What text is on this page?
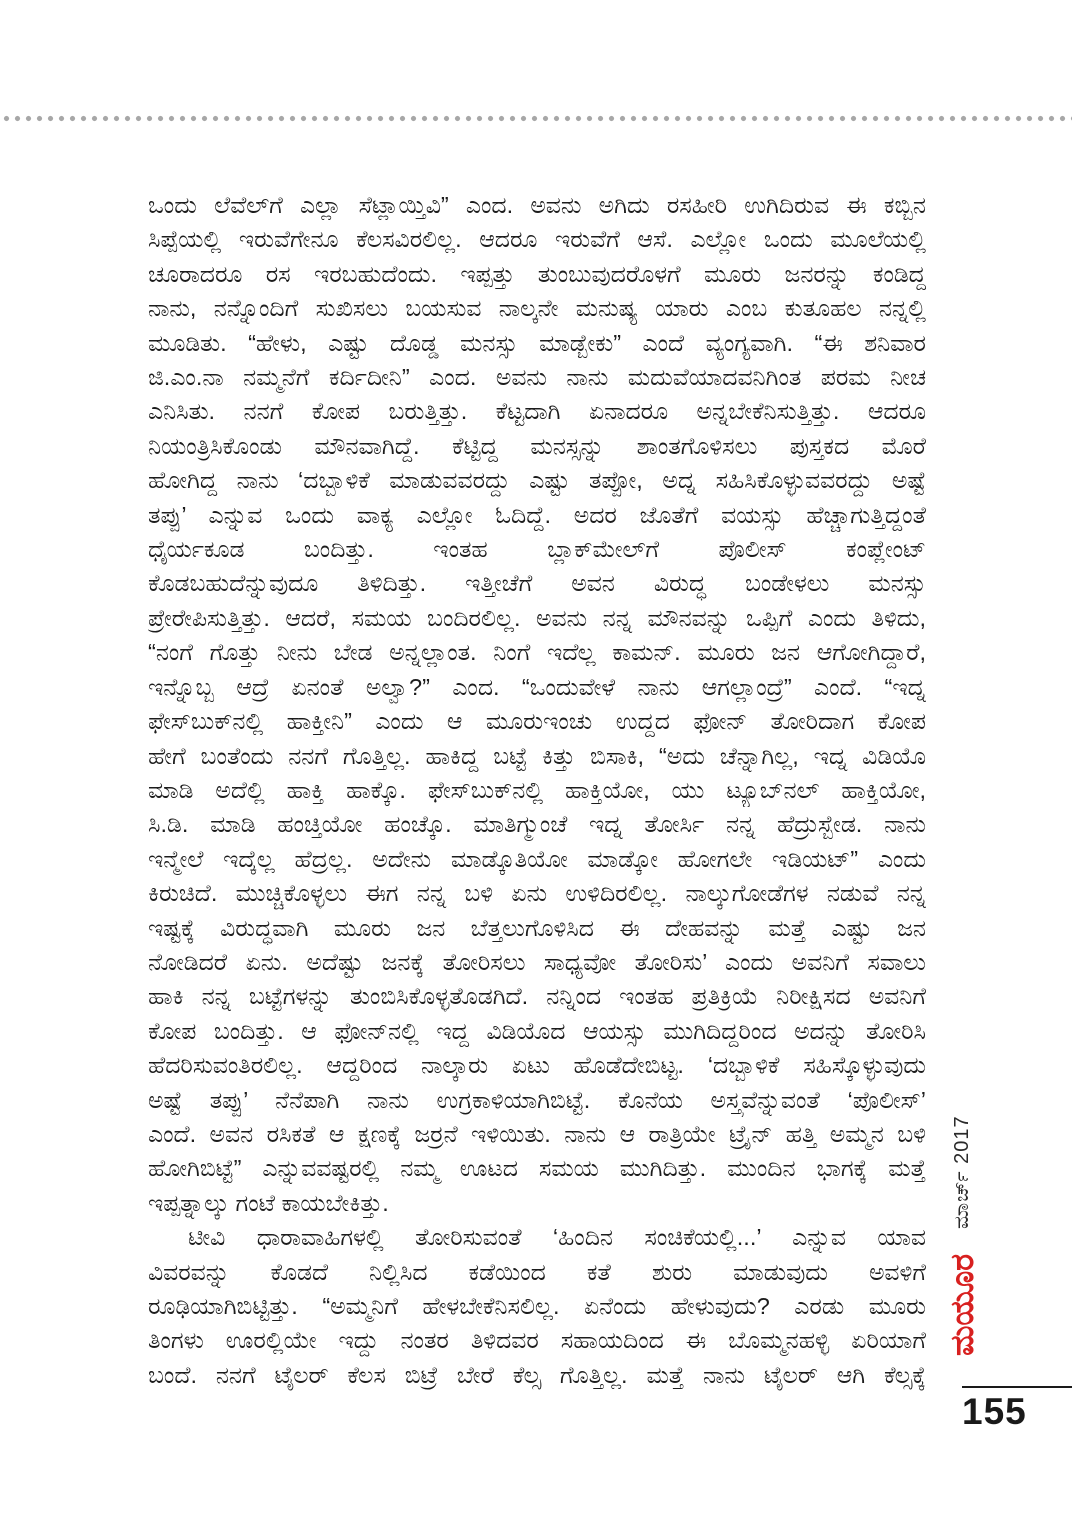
ಒಂದು ಲೆವೆಲ್‌ಗೆ ಎಲ್ಲಾ ಸೆಟ್ಲಾಯ್ತಿವಿ” ಎಂದ. ಅವನು ಅಗಿದು ರಸಹೀರಿ ಉಗಿದಿರುವ ಈ ಕಬ್ಬಿನ
ಸಿಪ್ಪೆಯಲ್ಲಿ ಇರುವೆಗೇನೂ ಕೆಲಸವಿರಲಿಲ್ಲ. ಆದರೂ ಇರುವೆಗೆ ಆಸೆ. ಎಲ್ಲೋ ಒಂದು ಮೂಲೆಯಲ್ಲಿ
ಚೂರಾದರೂ ರಸ ಇರಬಹುದೆಂದು. ಇಪ್ಪತ್ತು ತುಂಬುವುದರೊಳಗೆ ಮೂರು ಜನರನ್ನು ಕಂಡಿದ್ದ
ನಾನು, ನನ್ನೊಂದಿಗೆ ಸುಖಿಸಲು ಬಯಸುವ ನಾಲ್ಕನೇ ಮನುಷ್ಯ ಯಾರು ಎಂಬ ಕುತೂಹಲ ನನ್ನಲ್ಲಿ
ಮೂಡಿತು. “ಹೇಳು, ಎಷ್ಟು ದೊಡ್ಡ ಮನಸ್ಸು ಮಾಡ್ಬೇಕು” ಎಂದೆ ವ್ಯಂಗ್ಯವಾಗಿ. “ಈ ಶನಿವಾರ
ಜಿ.ಎಂ.ನಾ ನಮ್ಮನೆಗೆ ಕರ್ದಿದೀನಿ” ಎಂದ. ಅವನು ನಾನು ಮದುವೆಯಾದವನಿಗಿಂತ ಪರಮ ನೀಚ
ಎನಿಸಿತು. ನನಗೆ ಕೋಪ ಬರುತ್ತಿತ್ತು. ಕೆಟ್ಟದಾಗಿ ಏನಾದರೂ ಅನ್ನಬೇಕೆನಿಸುತ್ತಿತ್ತು. ಆದರೂ
ನಿಯಂತ್ರಿಸಿಕೊಂಡು ಮೌನವಾಗಿದ್ದೆ. ಕೆಟ್ಟಿದ್ದ ಮನಸ್ಸನ್ನು ಶಾಂತಗೊಳಿಸಲು ಪುಸ್ತಕದ ಮೊರೆ
ಹೋಗಿದ್ದ ನಾನು ‘ದಬ್ಬಾಳಿಕೆ ಮಾಡುವವರದ್ದು ಎಷ್ಟು ತಪ್ಪೋ, ಅದ್ನ ಸಹಿಸಿಕೊಳ್ಳುವವರದ್ದು ಅಷ್ಟೆ
ತಪ್ಪು’ ಎನ್ನುವ ಒಂದು ವಾಕ್ಯ ಎಲ್ಲೋ ಓದಿದ್ದೆ. ಅದರ ಜೊತೆಗೆ ವಯಸ್ಸು ಹೆಚ್ಚಾಗುತ್ತಿದ್ದಂತೆ
ಧೈರ್ಯಕೂಡ ಬಂದಿತ್ತು. ಇಂತಹ ಬ್ಲಾಕ್‌ಮೇಲ್‌ಗೆ ಪೊಲೀಸ್ ಕಂಪ್ಲೇಂಟ್
ಕೊಡಬಹುದೆನ್ನುವುದೂ ತಿಳಿದಿತ್ತು. ಇತ್ತೀಚೆಗೆ ಅವನ ವಿರುದ್ಧ ಬಂಡೇಳಲು ಮನಸ್ಸು
ಪ್ರೇರೇಪಿಸುತ್ತಿತ್ತು. ಆದರೆ, ಸಮಯ ಬಂದಿರಲಿಲ್ಲ. ಅವನು ನನ್ನ ಮೌನವನ್ನು ಒಪ್ಪಿಗೆ ಎಂದು ತಿಳಿದು,
“ನಂಗೆ ಗೊತ್ತು ನೀನು ಬೇಡ ಅನ್ನಲ್ಲಾಂತ. ನಿಂಗೆ ಇದೆಲ್ಲ ಕಾಮನ್. ಮೂರು ಜನ ಆಗೋಗಿದ್ದಾರೆ,
ಇನ್ನೊಬ್ಬ ಆದ್ರೆ ಏನಂತೆ ಅಲ್ವಾ?” ಎಂದ. “ಒಂದುವೇಳೆ ನಾನು ಆಗಲ್ಲಾಂದ್ರೆ” ಎಂದೆ. “ಇದ್ನ
ಫೇಸ್‌ಬುಕ್‌ನಲ್ಲಿ ಹಾಕ್ತೀನಿ” ಎಂದು ಆ ಮೂರುಇಂಚು ಉದ್ದದ ಫೋನ್ ತೋರಿದಾಗ ಕೋಪ
ಹೇಗೆ ಬಂತೆಂದು ನನಗೆ ಗೊತ್ತಿಲ್ಲ. ಹಾಕಿದ್ದ ಬಟ್ಟೆ ಕಿತ್ತು ಬಿಸಾಕಿ, “ಅದು ಚೆನ್ನಾಗಿಲ್ಲ, ಇದ್ನ ವಿಡಿಯೊ
ಮಾಡಿ ಅದೆಲ್ಲಿ ಹಾಕ್ತಿ ಹಾಕ್ಕೊ. ಫೇಸ್‌ಬುಕ್‌ನಲ್ಲಿ ಹಾಕ್ತಿಯೋ, ಯು ಟ್ಯೂಬ್‌ನಲ್ ಹಾಕ್ತಿಯೋ,
ಸಿ.ಡಿ. ಮಾಡಿ ಹಂಚ್ತಿಯೋ ಹಂಚ್ಕೊ. ಮಾತಿಗ್ಮುಂಚೆ ಇದ್ನ ತೋರ್ಸಿ ನನ್ನ ಹೆದ್ರುಸ್ಬೇಡ. ನಾನು
ಇನ್ಮೇಲೆ ಇದ್ಕೆಲ್ಲ ಹೆದ್ರಲ್ಲ. ಅದೇನು ಮಾಡ್ಕೊತಿಯೋ ಮಾಡ್ಕೋ ಹೋಗಲೇ ಇಡಿಯಟ್” ಎಂದು
ಕಿರುಚಿದೆ. ಮುಚ್ಚಿಕೊಳ್ಳಲು ಈಗ ನನ್ನ ಬಳಿ ಏನು ಉಳಿದಿರಲಿಲ್ಲ. ನಾಲ್ಕುಗೋಡೆಗಳ ನಡುವೆ ನನ್ನ
ಇಷ್ಟಕ್ಕೆ ವಿರುದ್ಧವಾಗಿ ಮೂರು ಜನ ಬೆತ್ತಲುಗೊಳಿಸಿದ ಈ ದೇಹವನ್ನು ಮತ್ತೆ ಎಷ್ಟು ಜನ
ನೋಡಿದರೆ ಏನು. ಅದೆಷ್ಟು ಜನಕ್ಕೆ ತೋರಿಸಲು ಸಾಧ್ಯವೋ ತೋರಿಸು’ ಎಂದು ಅವನಿಗೆ ಸವಾಲು
ಹಾಕಿ ನನ್ನ ಬಟ್ಟೆಗಳನ್ನು ತುಂಬಿಸಿಕೊಳ್ಳತೊಡಗಿದೆ. ನನ್ನಿಂದ ಇಂತಹ ಪ್ರತಿಕ್ರಿಯೆ ನಿರೀಕ್ಷಿಸದ ಅವನಿಗೆ
ಕೋಪ ಬಂದಿತ್ತು. ಆ ಫೋನ್‌ನಲ್ಲಿ ಇದ್ದ ವಿಡಿಯೊದ ಆಯಸ್ಸು ಮುಗಿದಿದ್ದರಿಂದ ಅದನ್ನು ತೋರಿಸಿ
ಹೆದರಿಸುವಂತಿರಲಿಲ್ಲ. ಆದ್ದರಿಂದ ನಾಲ್ಕಾರು ಏಟು ಹೊಡೆದೇಬಿಟ್ಟ. ‘ದಬ್ಬಾಳಿಕೆ ಸಹಿಸ್ಕೊಳ್ಳುವುದು
ಅಷ್ಟೆ ತಪ್ಪು’ ನೆನೆಪಾಗಿ ನಾನು ಉಗ್ರಕಾಳಿಯಾಗಿಬಿಟ್ಟೆ. ಕೊನೆಯ ಅಸ್ತ್ರವೆನ್ನುವಂತೆ ‘ಪೊಲೀಸ್’
ಎಂದೆ. ಅವನ ರಸಿಕತೆ ಆ ಕ್ಷಣಕ್ಕೆ ಜರ್ರನೆ ಇಳಿಯಿತು. ನಾನು ಆ ರಾತ್ರಿಯೇ ಟ್ರೈನ್ ಹತ್ತಿ ಅಮ್ಮನ ಬಳಿ
ಹೋಗಿಬಿಟ್ಟೆ” ಎನ್ನುವವಷ್ಟರಲ್ಲಿ ನಮ್ಮ ಊಟದ ಸಮಯ ಮುಗಿದಿತ್ತು. ಮುಂದಿನ ಭಾಗಕ್ಕೆ ಮತ್ತೆ
ಇಪ್ಪತ್ನಾಲ್ಕು ಗಂಟೆ ಕಾಯಬೇಕಿತ್ತು.
ಟೀವಿ ಧಾರಾವಾಹಿಗಳಲ್ಲಿ ತೋರಿಸುವಂತೆ ‘ಹಿಂದಿನ ಸಂಚಿಕೆಯಲ್ಲಿ...’ ಎನ್ನುವ ಯಾವ
ವಿವರವನ್ನು ಕೊಡದೆ ನಿಲ್ಲಿಸಿದ ಕಡೆಯಿಂದ ಕತೆ ಶುರು ಮಾಡುವುದು ಅವಳಿಗೆ
ರೂಢಿಯಾಗಿಬಿಟ್ಟಿತ್ತು. “ಅಮ್ಮನಿಗೆ ಹೇಳಬೇಕೆನಿಸಲಿಲ್ಲ. ಏನೆಂದು ಹೇಳುವುದು? ಎರಡು ಮೂರು
ತಿಂಗಳು ಊರಲ್ಲಿಯೇ ಇದ್ದು ನಂತರ ತಿಳಿದವರ ಸಹಾಯದಿಂದ ಈ ಬೊಮ್ಮನಹಳ್ಳಿ ಏರಿಯಾಗೆ
ಬಂದೆ. ನನಗೆ ಟೈಲರ್ ಕೆಲಸ ಬಿಟ್ರೆ ಬೇರೆ ಕೆಲ್ಸ ಗೊತ್ತಿಲ್ಲ. ಮತ್ತೆ ನಾನು ಟೈಲರ್ ಆಗಿ ಕೆಲ್ಸಕ್ಕೆ
ಮಾರ್ಚ್ 2017
ಮಯೂರ
155
